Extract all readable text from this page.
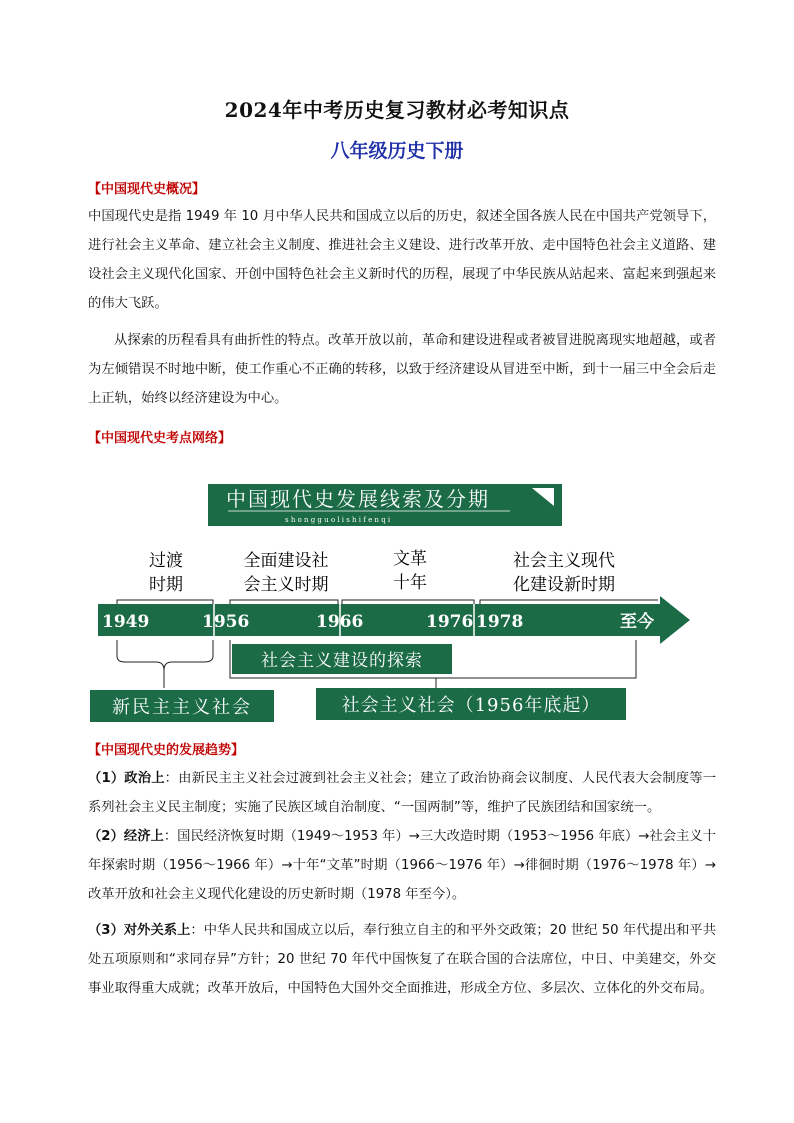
2024年中考历史复习教材必考知识点
八年级历史下册
【中国现代史概况】

中国现代史是指 1949 年 10 月中华人民共和国成立以后的历史，叙述全国各族人民在中国共产党领导下，进行社会主义革命、建立社会主义制度、推进社会主义建设、进行改革开放、走中国特色社会主义道路、建设社会主义现代化国家、开创中国特色社会主义新时代的历程，展现了中华民族从站起来、富起来到强起来的伟大飞跃。

从探索的历程看具有曲折性的特点。改革开放以前，革命和建设进程或者被冒进脱离现实地超越，或者为左倾错误不时地中断，使工作重心不正确的转移，以致于经济建设从冒进至中断，到十一届三中全会后走上正轨，始终以经济建设为中心。

【中国现代史考点网络】
中国现代史发展线索及分期
s h o n g g u o l i s h i f e n q i
过渡
时期
全面建设社
会主义时期
文革
十年
社会主义现代
化建设新时期
1949	1956	1966	1976 1978	至今
社会主义建设的探索
新民主主义社会	社会主义社会（1956年底起）
【中国现代史的发展趋势】

（1）政治上：由新民主主义社会过渡到社会主义社会；建立了政治协商会议制度、人民代表大会制度等一系列社会主义民主制度；实施了民族区域自治制度、“一国两制”等，维护了民族团结和国家统一。

（2）经济上：国民经济恢复时期（1949～1953 年）→三大改造时期（1953～1956 年底）→社会主义十年探索时期（1956～1966 年）→十年“文革”时期（1966～1976 年）→徘徊时期（1976～1978 年）→改革开放和社会主义现代化建设的历史新时期（1978 年至今）。

（3）对外关系上：中华人民共和国成立以后，奉行独立自主的和平外交政策；20 世纪 50 年代提出和平共处五项原则和“求同存异”方针；20 世纪 70 年代中国恢复了在联合国的合法席位，中日、中美建交，外交事业取得重大成就；改革开放后，中国特色大国外交全面推进，形成全方位、多层次、立体化的外交布局。
